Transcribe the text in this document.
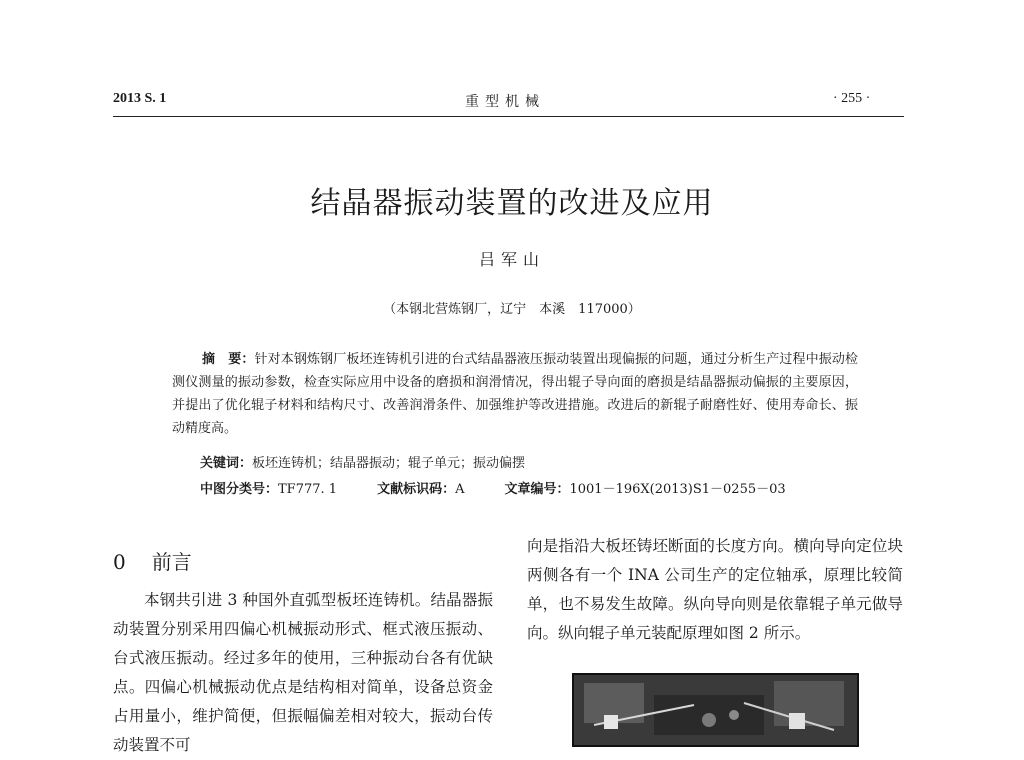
2013 S. 1	重型机械	· 255 ·
结晶器振动装置的改进及应用
吕军山
（本钢北营炼钢厂，辽宁　本溪　117000）
摘　要：针对本钢炼钢厂板坯连铸机引进的台式结晶器液压振动装置出现偏振的问题，通过分析生产过程中振动检测仪测量的振动参数，检查实际应用中设备的磨损和润滑情况，得出辊子导向面的磨损是结晶器振动偏振的主要原因，并提出了优化辊子材料和结构尺寸、改善润滑条件、加强维护等改进措施。改进后的新辊子耐磨性好、使用寿命长、振动精度高。
关键词：板坯连铸机；结晶器振动；辊子单元；振动偏摆
中图分类号：TF777. 1	文献标识码：A	文章编号：1001－196X(2013)S1－0255－03
0 前言
本钢共引进 3 种国外直弧型板坯连铸机。结晶器振动装置分别采用四偏心机械振动形式、框式液压振动、台式液压振动。经过多年的使用，三种振动台各有优缺点。四偏心机械振动优点是结构相对简单，设备总资金占用量小，维护简便，但振幅偏差相对较大，振动台传动装置不可
向是指沿大板坯铸坯断面的长度方向。横向导向定位块两侧各有一个 INA 公司生产的定位轴承，原理比较简单，也不易发生故障。纵向导向则是依靠辊子单元做导向。纵向辊子单元装配原理如图 2 所示。
